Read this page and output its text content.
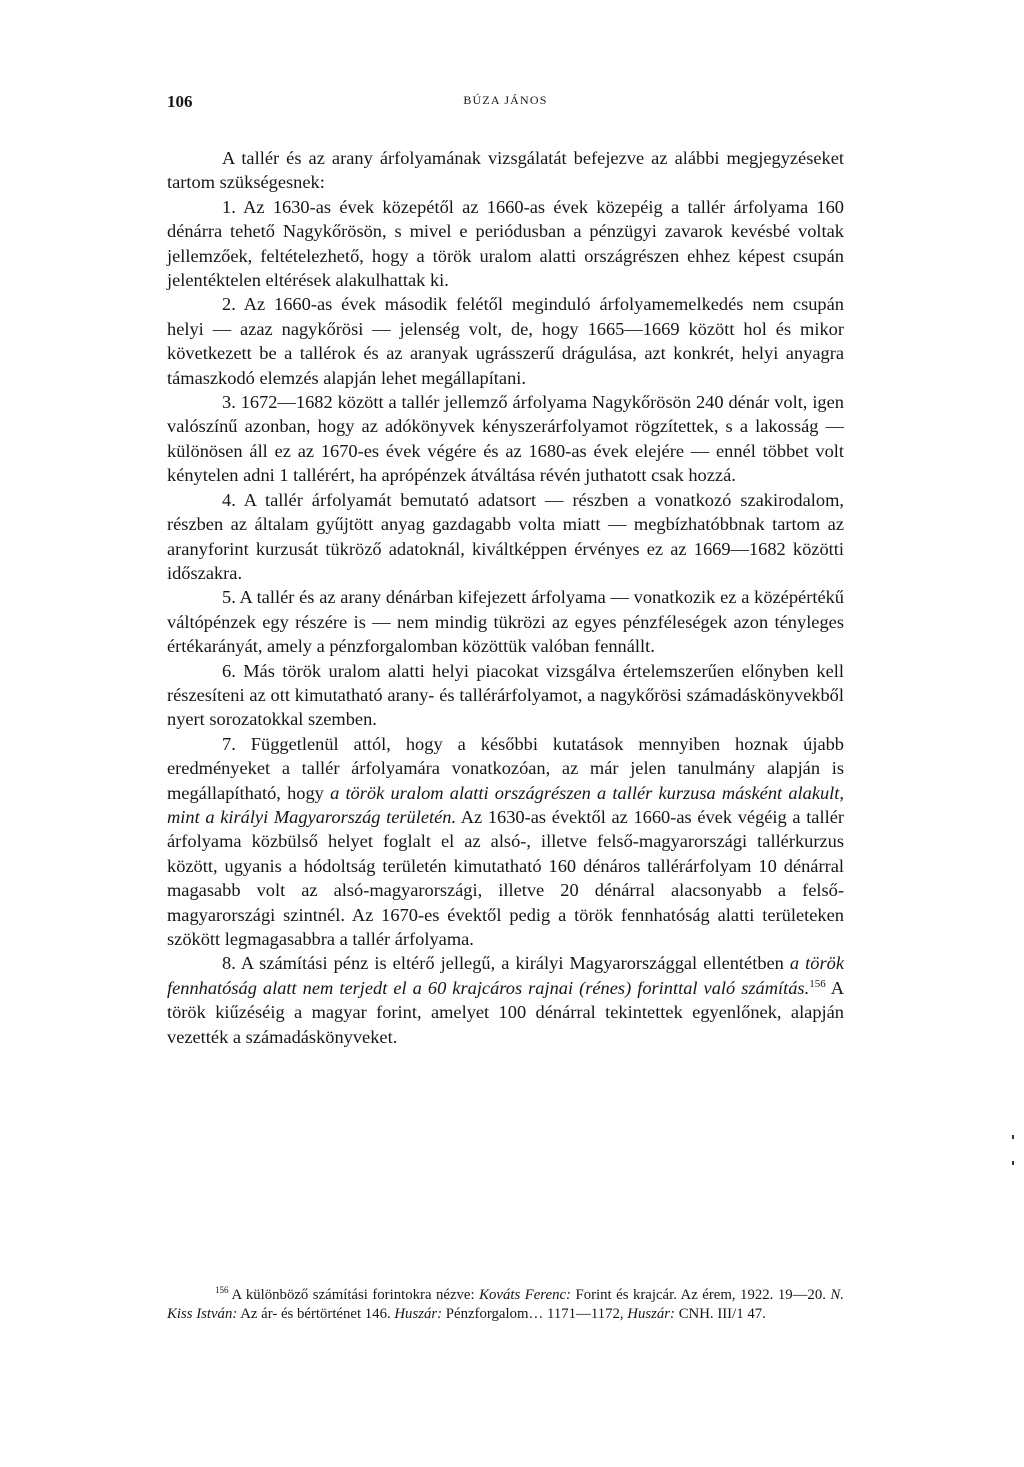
106	BÚZA JÁNOS

A tallér és az arany árfolyamának vizsgálatát befejezve az alábbi megjegyzéseket tartom szükségesnek:

1. Az 1630-as évek közepétől az 1660-as évek közepéig a tallér árfolyama 160 dénárra tehető Nagykőrösön, s mivel e periódusban a pénzügyi zavarok kevésbé voltak jellemzőek, feltételezhető, hogy a török uralom alatti országrészen ehhez képest csupán jelentéktelen eltérések alakulhattak ki.

2. Az 1660-as évek második felétől meginduló árfolyamemelkedés nem csupán helyi — azaz nagykőrösi — jelenség volt, de, hogy 1665—1669 között hol és mikor következett be a tallérok és az aranyak ugrásszerű drágulása, azt konkrét, helyi anyagra támaszkodó elemzés alapján lehet megállapítani.

3. 1672—1682 között a tallér jellemző árfolyama Nagykőrösön 240 dénár volt, igen valószínű azonban, hogy az adókönyvek kényszerárfolyamot rögzítettek, s a lakosság — különösen áll ez az 1670-es évek végére és az 1680-as évek elejére — ennél többet volt kénytelen adni 1 tallérért, ha aprópénzek átváltása révén juthatott csak hozzá.

4. A tallér árfolyamát bemutató adatsort — részben a vonatkozó szakirodalom, részben az általam gyűjtött anyag gazdagabb volta miatt — megbízhatóbbnak tartom az aranyforint kurzusát tükröző adatoknál, kiváltképpen érvényes ez az 1669—1682 közötti időszakra.

5. A tallér és az arany dénárban kifejezett árfolyama — vonatkozik ez a középértékű váltópénzek egy részére is — nem mindig tükrözi az egyes pénzféleségek azon tényleges értékarányát, amely a pénzforgalomban közöttük valóban fennállt.

6. Más török uralom alatti helyi piacokat vizsgálva értelemszerűen előnyben kell részesíteni az ott kimutatható arany- és tallérárfolyamot, a nagykőrösi számadáskönyvekből nyert sorozatokkal szemben.

7. Függetlenül attól, hogy a későbbi kutatások mennyiben hoznak újabb eredményeket a tallér árfolyamára vonatkozóan, az már jelen tanulmány alapján is megállapítható, hogy a török uralom alatti országrészen a tallér kurzusa másként alakult, mint a királyi Magyarország területén. Az 1630-as évektől az 1660-as évek végéig a tallér árfolyama közbülső helyet foglalt el az alsó-, illetve felső-magyarországi tallérkurzus között, ugyanis a hódoltság területén kimutatható 160 dénáros tallérárfolyam 10 dénárral magasabb volt az alsó-magyarországi, illetve 20 dénárral alacsonyabb a felső-magyarországi szintnél. Az 1670-es évektől pedig a török fennhatóság alatti területeken szökött legmagasabbra a tallér árfolyama.

8. A számítási pénz is eltérő jellegű, a királyi Magyarországgal ellentétben a török fennhatóság alatt nem terjedt el a 60 krajcáros rajnai (rénes) forinttal való számítás.$^{156}$ A török kiűzéséig a magyar forint, amelyet 100 dénárral tekintettek egyenlőnek, alapján vezették a számadáskönyveket.

$^{156}$ A különböző számítási forintokra nézve: Kováts Ferenc: Forint és krajcár. Az érem, 1922. 19—20. N. Kiss István: Az ár- és bértörténet 146. Huszár: Pénzforgalom… 1171—1172, Huszár: CNH. III/1 47.
